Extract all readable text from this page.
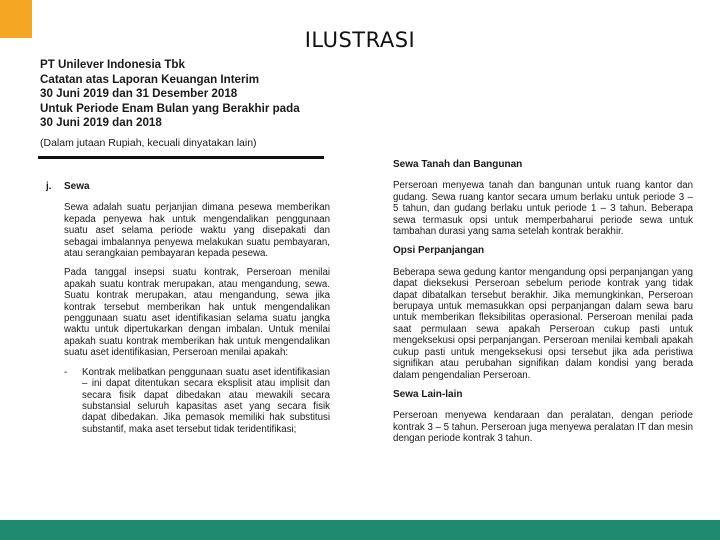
ILUSTRASI
PT Unilever Indonesia Tbk
Catatan atas Laporan Keuangan Interim
30 Juni 2019 dan 31 Desember 2018
Untuk Periode Enam Bulan yang Berakhir pada
30 Juni 2019 dan 2018
(Dalam jutaan Rupiah, kecuali dinyatakan lain)
j. Sewa

Sewa adalah suatu perjanjian dimana pesewa memberikan kepada penyewa hak untuk mengendalikan penggunaan suatu aset selama periode waktu yang disepakati dan sebagai imbalannya penyewa melakukan suatu pembayaran, atau serangkaian pembayaran kepada pesewa.

Pada tanggal insepsi suatu kontrak, Perseroan menilai apakah suatu kontrak merupakan, atau mengandung, sewa. Suatu kontrak merupakan, atau mengandung, sewa jika kontrak tersebut memberikan hak untuk mengendalikan penggunaan suatu aset identifikasian selama suatu jangka waktu untuk dipertukarkan dengan imbalan. Untuk menilai apakah suatu kontrak memberikan hak untuk mengendalikan suatu aset identifikasian, Perseroan menilai apakah:

- Kontrak melibatkan penggunaan suatu aset identifikasian – ini dapat ditentukan secara eksplisit atau implisit dan secara fisik dapat dibedakan atau mewakili secara substansial seluruh kapasitas aset yang secara fisik dapat dibedakan. Jika pemasok memiliki hak substitusi substantif, maka aset tersebut tidak teridentifikasi;
Sewa Tanah dan Bangunan

Perseroan menyewa tanah dan bangunan untuk ruang kantor dan gudang. Sewa ruang kantor secara umum berlaku untuk periode 3 – 5 tahun, dan gudang berlaku untuk periode 1 – 3 tahun. Beberapa sewa termasuk opsi untuk memperbaharui periode sewa untuk tambahan durasi yang sama setelah kontrak berakhir.

Opsi Perpanjangan

Beberapa sewa gedung kantor mengandung opsi perpanjangan yang dapat dieksekusi Perseroan sebelum periode kontrak yang tidak dapat dibatalkan tersebut berakhir. Jika memungkinkan, Perseroan berupaya untuk memasukkan opsi perpanjangan dalam sewa baru untuk memberikan fleksibilitas operasional. Perseroan menilai pada saat permulaan sewa apakah Perseroan cukup pasti untuk mengeksekusi opsi perpanjangan. Perseroan menilai kembali apakah cukup pasti untuk mengeksekusi opsi tersebut jika ada peristiwa signifikan atau perubahan signifikan dalam kondisi yang berada dalam pengendalian Perseroan.

Sewa Lain-lain

Perseroan menyewa kendaraan dan peralatan, dengan periode kontrak 3 – 5 tahun. Perseroan juga menyewa peralatan IT dan mesin dengan periode kontrak 3 tahun.
